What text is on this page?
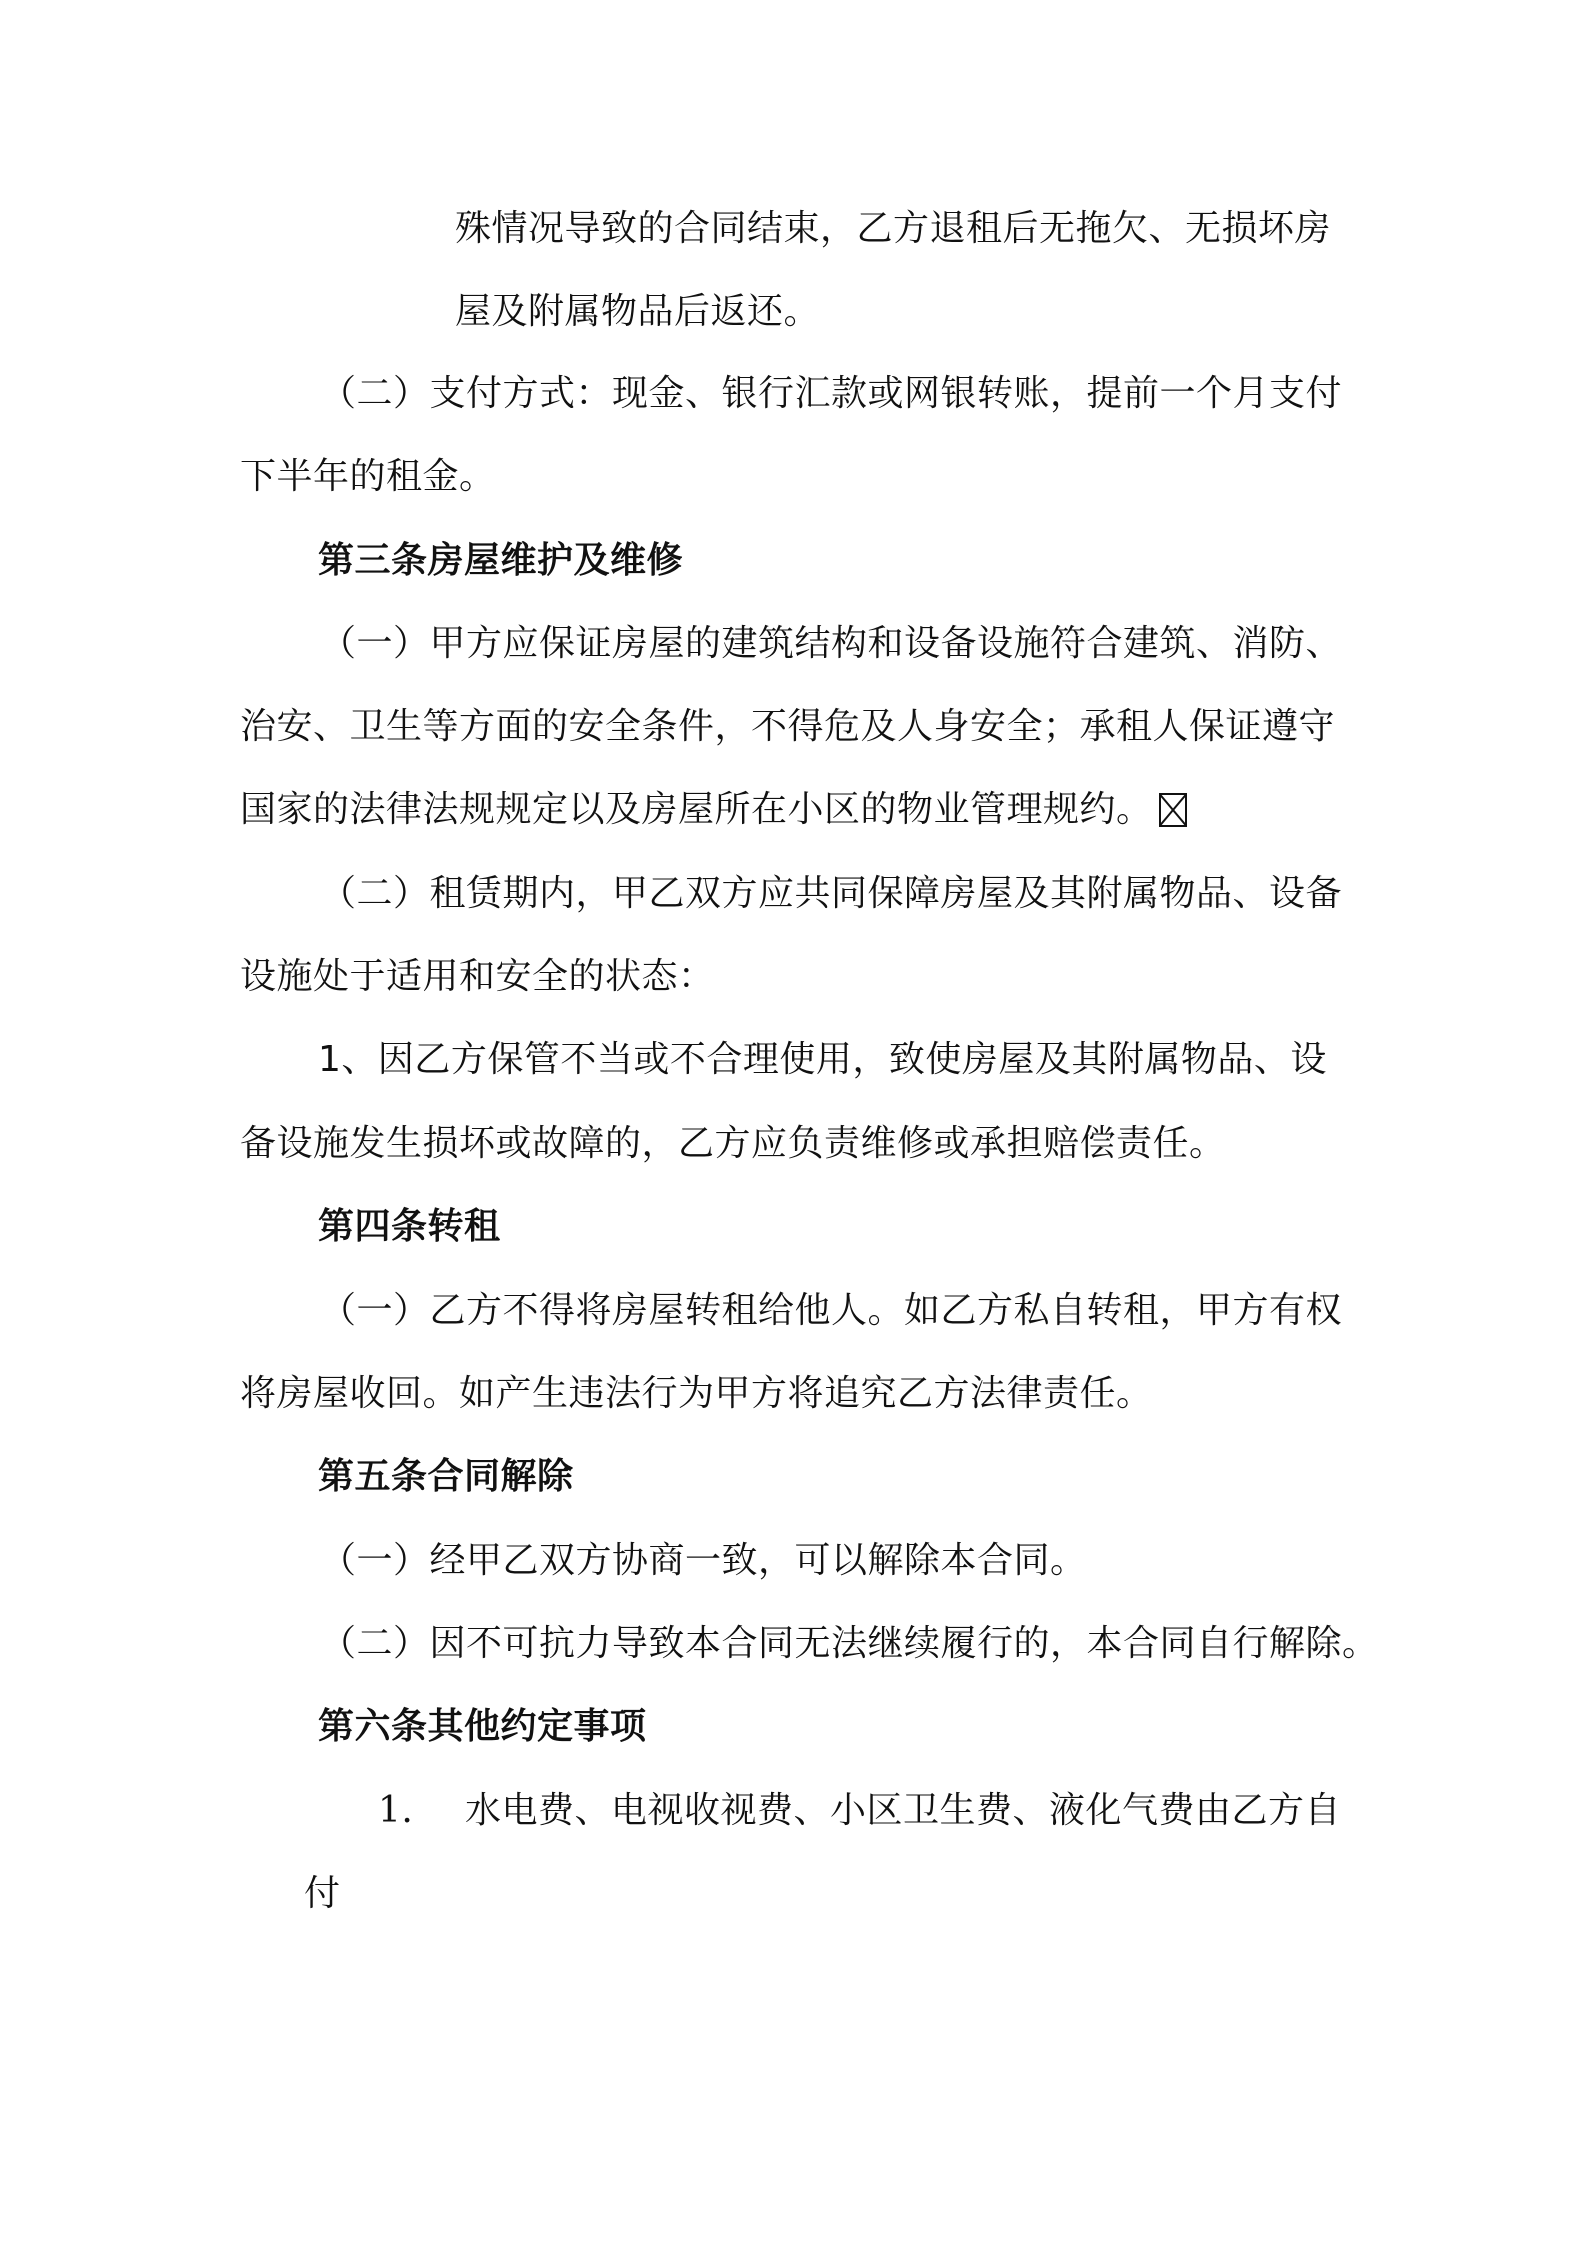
殊情况导致的合同结束，乙方退租后无拖欠、无损坏房
屋及附属物品后返还。
（二）支付方式：现金、银行汇款或网银转账，提前一个月支付
下半年的租金。
第三条房屋维护及维修
（一）甲方应保证房屋的建筑结构和设备设施符合建筑、消防、
治安、卫生等方面的安全条件，不得危及人身安全；承租人保证遵守
国家的法律法规规定以及房屋所在小区的物业管理规约。
（二）租赁期内，甲乙双方应共同保障房屋及其附属物品、设备
设施处于适用和安全的状态：
1、因乙方保管不当或不合理使用，致使房屋及其附属物品、设
备设施发生损坏或故障的，乙方应负责维修或承担赔偿责任。
第四条转租
（一）乙方不得将房屋转租给他人。如乙方私自转租，甲方有权
将房屋收回。如产生违法行为甲方将追究乙方法律责任。
第五条合同解除
（一）经甲乙双方协商一致，可以解除本合同。
（二）因不可抗力导致本合同无法继续履行的，本合同自行解除。
第六条其他约定事项
1. 水电费、电视收视费、小区卫生费、液化气费由乙方自
付
